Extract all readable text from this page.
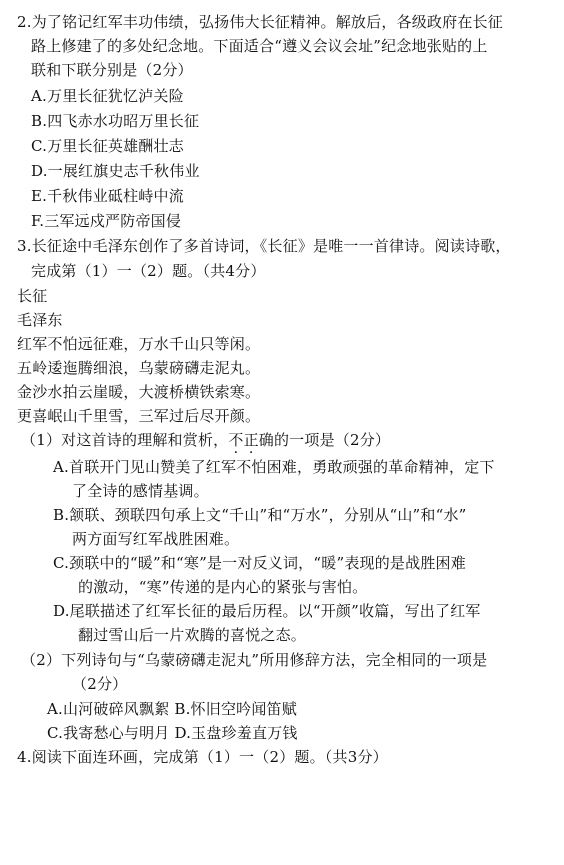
2.为了铭记红军丰功伟绩，弘扬伟大长征精神。解放后，各级政府在长征
路上修建了的多处纪念地。下面适合“遵义会议会址”纪念地张贴的上
联和下联分别是（2分）
A.万里长征犹忆泸关险
B.四飞赤水功昭万里长征
C.万里长征英雄酬壮志
D.一展红旗史志千秋伟业
E.千秋伟业砥柱峙中流
F.三军远戍严防帝国侵
3.长征途中毛泽东创作了多首诗词，《长征》是唯一一首律诗。阅读诗歌，
完成第（1）一（2）题。（共4分）
长征
毛泽东
红军不怕远征难，万水千山只等闲。
五岭逶迤腾细浪，乌蒙磅礴走泥丸。
金沙水拍云崖暖，大渡桥横铁索寒。
更喜岷山千里雪，三军过后尽开颜。
（1）对这首诗的理解和赏析，不正确的一项是（2分）
A.首联开门见山赞美了红军不怕困难，勇敢顽强的革命精神，定下
了全诗的感情基调。
B.颔联、颈联四句承上文“千山”和“万水”，分别从“山”和“水”
两方面写红军战胜困难。
C.颈联中的“暖”和“寒”是一对反义词，“暖”表现的是战胜困难
的激动，“寒”传递的是内心的紧张与害怕。
D.尾联描述了红军长征的最后历程。以“开颜”收篇，写出了红军
翻过雪山后一片欢腾的喜悦之态。
（2）下列诗句与“乌蒙磅礴走泥丸”所用修辞方法，完全相同的一项是
（2分）
A.山河破碎风飘絮 B.怀旧空吟闻笛赋
C.我寄愁心与明月 D.玉盘珍羞直万钱
4.阅读下面连环画，完成第（1）一（2）题。（共3分）
